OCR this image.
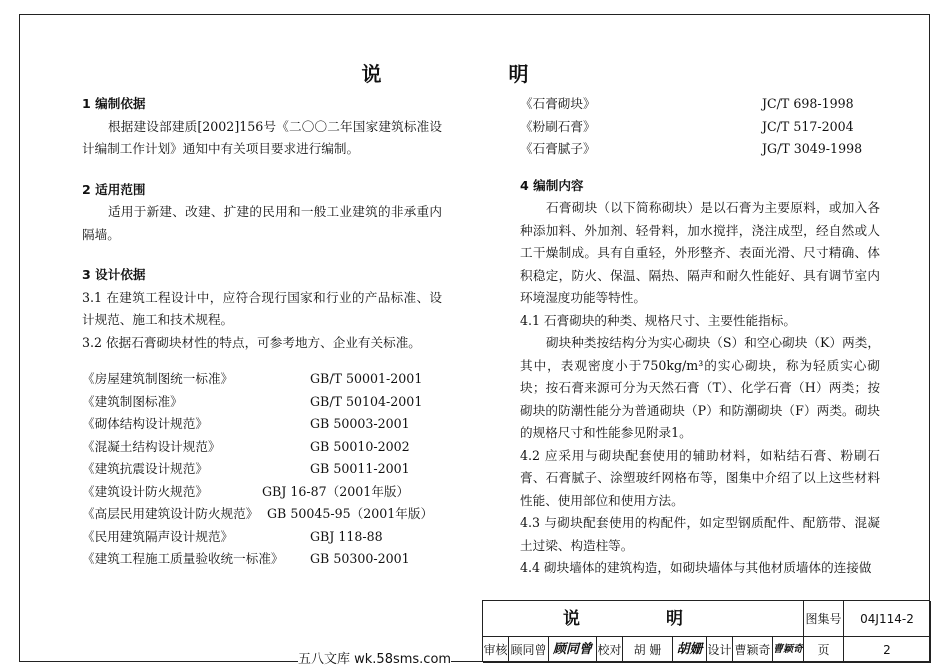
说 明
1 编制依据
根据建设部建质[2002]156号《二〇〇二年国家建筑标准设计编制工作计划》通知中有关项目要求进行编制。
2 适用范围
适用于新建、改建、扩建的民用和一般工业建筑的非承重内隔墙。
3 设计依据
3.1 在建筑工程设计中，应符合现行国家和行业的产品标准、设计规范、施工和技术规程。
3.2 依据石膏砌块材性的特点，可参考地方、企业有关标准。
《房屋建筑制图统一标准》	GB/T 50001-2001
《建筑制图标准》	GB/T 50104-2001
《砌体结构设计规范》	GB 50003-2001
《混凝土结构设计规范》	GB 50010-2002
《建筑抗震设计规范》	GB 50011-2001
《建筑设计防火规范》	GBJ 16-87（2001年版）
《高层民用建筑设计防火规范》 GB 50045-95（2001年版）
《民用建筑隔声设计规范》	GBJ 118-88
《建筑工程施工质量验收统一标准》 GB 50300-2001
《石膏砌块》	JC/T 698-1998
《粉刷石膏》	JC/T 517-2004
《石膏腻子》	JG/T 3049-1998
4 编制内容
石膏砌块（以下简称砌块）是以石膏为主要原料，或加入各种添加料、外加剂、轻骨料，加水搅拌，浇注成型，经自然或人工干燥制成。具有自重轻，外形整齐、表面光滑、尺寸精确、体积稳定，防火、保温、隔热、隔声和耐久性能好、具有调节室内环境湿度功能等特性。
4.1 石膏砌块的种类、规格尺寸、主要性能指标。
砌块种类按结构分为实心砌块（S）和空心砌块（K）两类，其中，表观密度小于750kg/m³的实心砌块，称为轻质实心砌块；按石膏来源可分为天然石膏（T）、化学石膏（H）两类；按砌块的防潮性能分为普通砌块（P）和防潮砌块（F）两类。砌块的规格尺寸和性能参见附录1。
4.2 应采用与砌块配套使用的辅助材料，如粘结石膏、粉刷石膏、石膏腻子、涂塑玻纤网格布等，图集中介绍了以上这些材料性能、使用部位和使用方法。
4.3 与砌块配套使用的构配件，如定型钢质配件、配筋带、混凝土过梁、构造柱等。
4.4 砌块墙体的建筑构造，如砌块墙体与其他材质墙体的连接做
说 明	图集号	04J114-2
审核 顾同曾 顾同曾 校对	胡 姗	胡姗 设计 曹颖奇 曹颖奇	页	2
五八文库 wk.58sms.com
